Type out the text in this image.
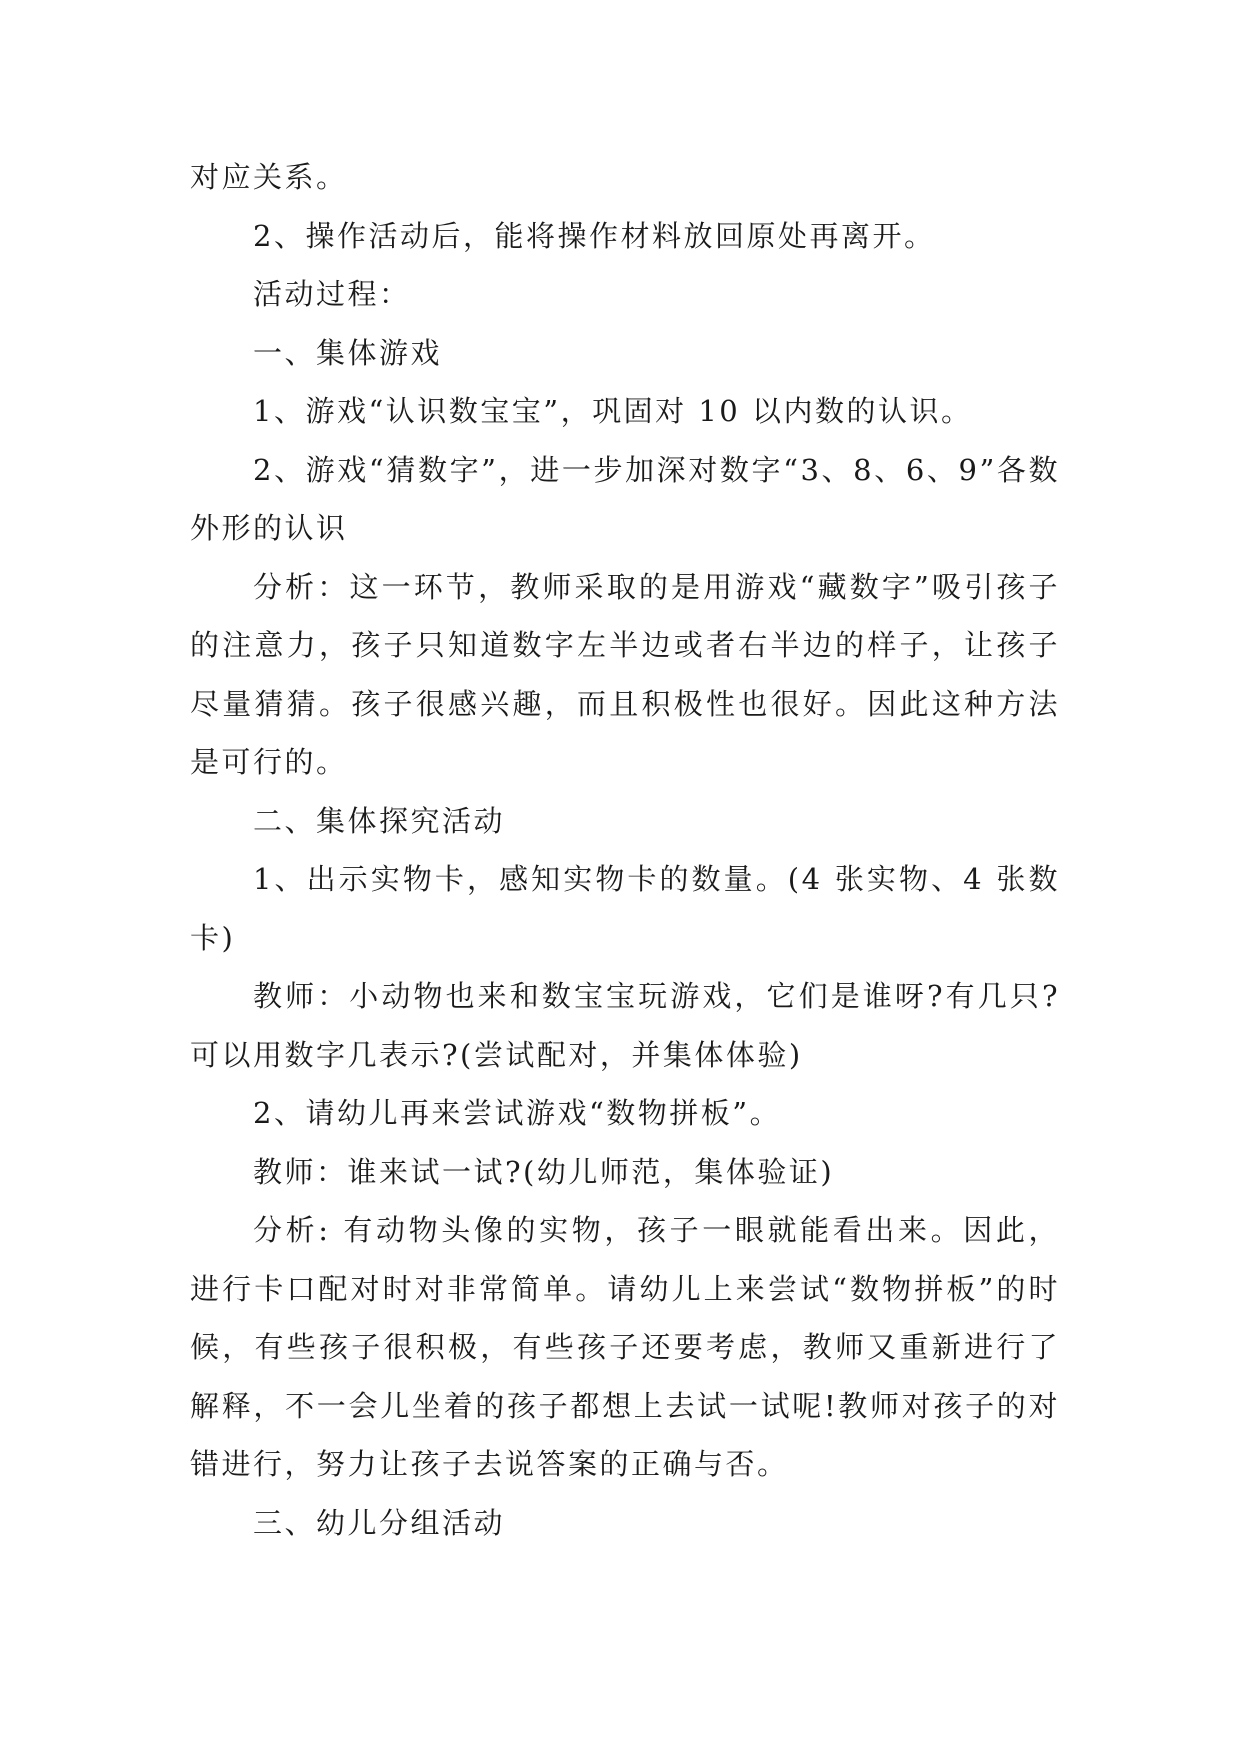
对应关系。

2、操作活动后，能将操作材料放回原处再离开。

活动过程：

一、集体游戏

1、游戏“认识数宝宝”，巩固对 10 以内数的认识。

2、游戏“猜数字”，进一步加深对数字“3、8、6、9”各数外形的认识

分析：这一环节，教师采取的是用游戏“藏数字”吸引孩子的注意力，孩子只知道数字左半边或者右半边的样子，让孩子尽量猜猜。孩子很感兴趣，而且积极性也很好。因此这种方法是可行的。

二、集体探究活动

1、出示实物卡，感知实物卡的数量。(4 张实物、4 张数卡)

教师：小动物也来和数宝宝玩游戏，它们是谁呀?有几只?可以用数字几表示?(尝试配对，并集体体验)

2、请幼儿再来尝试游戏“数物拼板”。

教师：谁来试一试?(幼儿师范，集体验证)

分析: 有动物头像的实物，孩子一眼就能看出来。因此，进行卡口配对时对非常简单。请幼儿上来尝试“数物拼板”的时候，有些孩子很积极，有些孩子还要考虑，教师又重新进行了解释，不一会儿坐着的孩子都想上去试一试呢!教师对孩子的对错进行，努力让孩子去说答案的正确与否。

三、幼儿分组活动
